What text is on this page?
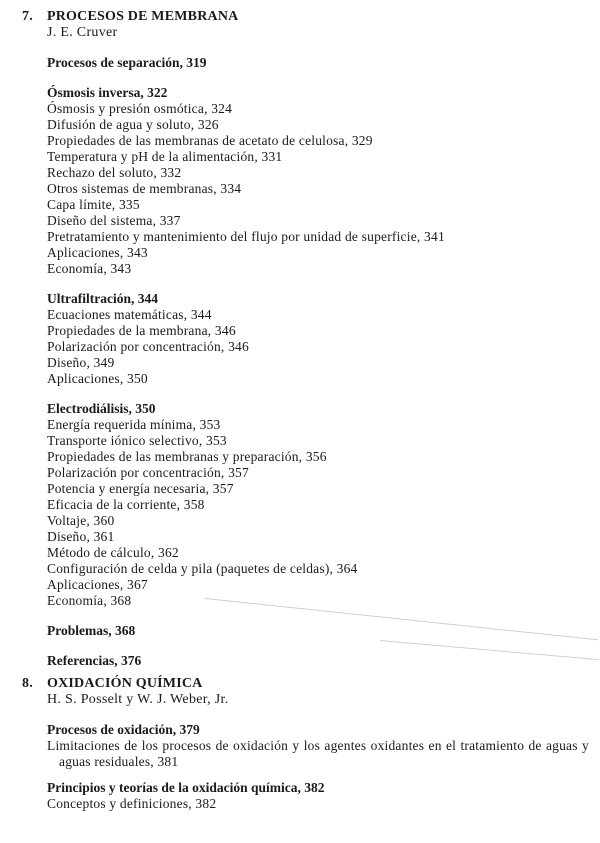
7.	PROCESOS DE MEMBRANA
J. E. Cruver
Procesos de separación, 319
Ósmosis inversa, 322
Ósmosis y presión osmótica, 324
Difusión de agua y soluto, 326
Propiedades de las membranas de acetato de celulosa, 329
Temperatura y pH de la alimentación, 331
Rechazo del soluto, 332
Otros sistemas de membranas, 334
Capa límite, 335
Diseño del sistema, 337
Pretratamiento y mantenimiento del flujo por unidad de superficie, 341
Aplicaciones, 343
Economía, 343
Ultrafiltración, 344
Ecuaciones matemáticas, 344
Propiedades de la membrana, 346
Polarización por concentración, 346
Diseño, 349
Aplicaciones, 350
Electrodiálisis, 350
Energía requerida mínima, 353
Transporte iónico selectivo, 353
Propiedades de las membranas y preparación, 356
Polarización por concentración, 357
Potencia y energía necesaria, 357
Eficacia de la corriente, 358
Voltaje, 360
Diseño, 361
Método de cálculo, 362
Configuración de celda y pila (paquetes de celdas), 364
Aplicaciones, 367
Economía, 368
Problemas, 368
Referencias, 376
8.	OXIDACIÓN QUÍMICA
H. S. Posselt y W. J. Weber, Jr.
Procesos de oxidación, 379
Limitaciones de los procesos de oxidación y los agentes oxidantes en el tratamiento de aguas y aguas residuales, 381
Principios y teorías de la oxidación química, 382
Conceptos y definiciones, 382
